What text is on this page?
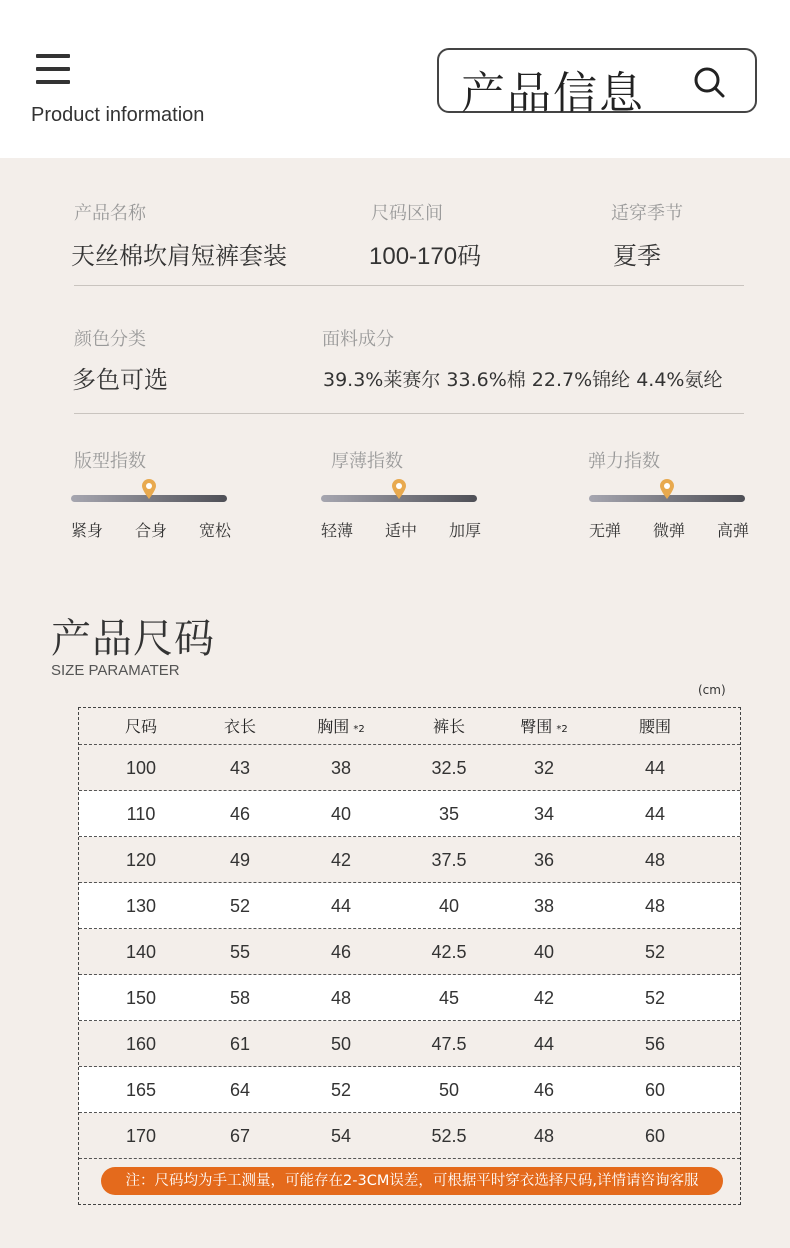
Product information	产品信息
产品名称
天丝棉坎肩短裤套装
尺码区间
100-170码
适穿季节
夏季
颜色分类
多色可选
面料成分
39.3%莱赛尔 33.6%棉 22.7%锦纶 4.4%氨纶
版型指数	厚薄指数	弹力指数
紧身 合身 宽松	轻薄 适中 加厚	无弹 微弹 高弹
产品尺码
SIZE PARAMATER
(cm)
尺码	衣长	胸围 *2	裤长	臀围 *2	腰围
100	43	38	32.5	32	44
110	46	40	35	34	44
120	49	42	37.5	36	48
130	52	44	40	38	48
140	55	46	42.5	40	52
150	58	48	45	42	52
160	61	50	47.5	44	56
165	64	52	50	46	60
170	67	54	52.5	48	60
注：尺码均为手工测量，可能存在2-3CM误差，可根据平时穿衣选择尺码,详情请咨询客服
